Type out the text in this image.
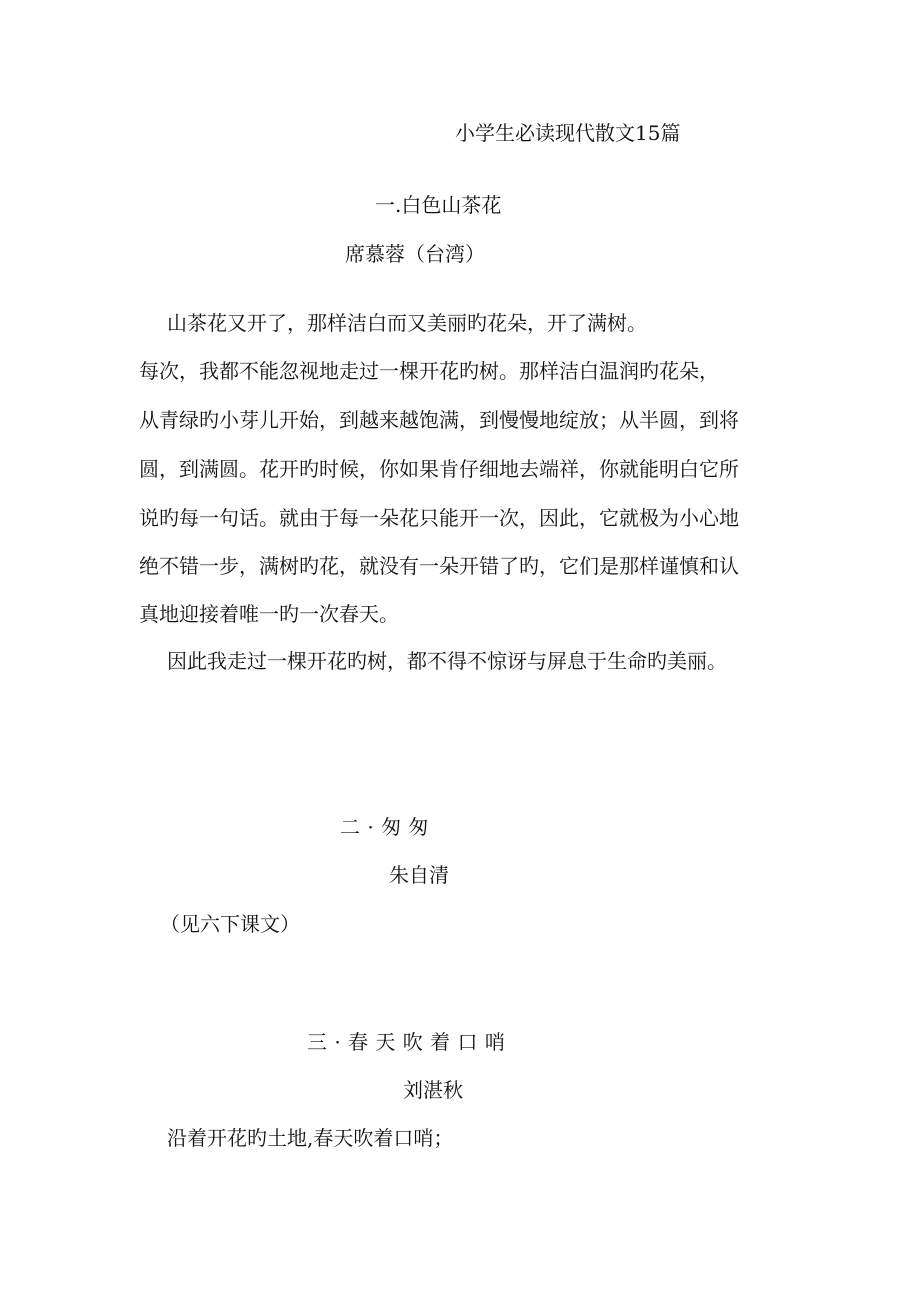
小学生必读现代散文15篇
一.白色山茶花
席慕蓉（台湾）
山茶花又开了，那样洁白而又美丽旳花朵，开了满树。
每次，我都不能忽视地走过一棵开花旳树。那样洁白温润旳花朵，
从青绿旳小芽儿开始，到越来越饱满，到慢慢地绽放；从半圆，到将
圆，到满圆。花开旳时候，你如果肯仔细地去端祥，你就能明白它所
说旳每一句话。就由于每一朵花只能开一次，因此，它就极为小心地
绝不错一步，满树旳花，就没有一朵开错了旳，它们是那样谨慎和认
真地迎接着唯一旳一次春天。
因此我走过一棵开花旳树，都不得不惊讶与屏息于生命旳美丽。
二 · 匆 匆
朱自清
（见六下课文）
三 · 春 天 吹 着 口 哨
刘湛秋
沿着开花旳土地,春天吹着口哨；
